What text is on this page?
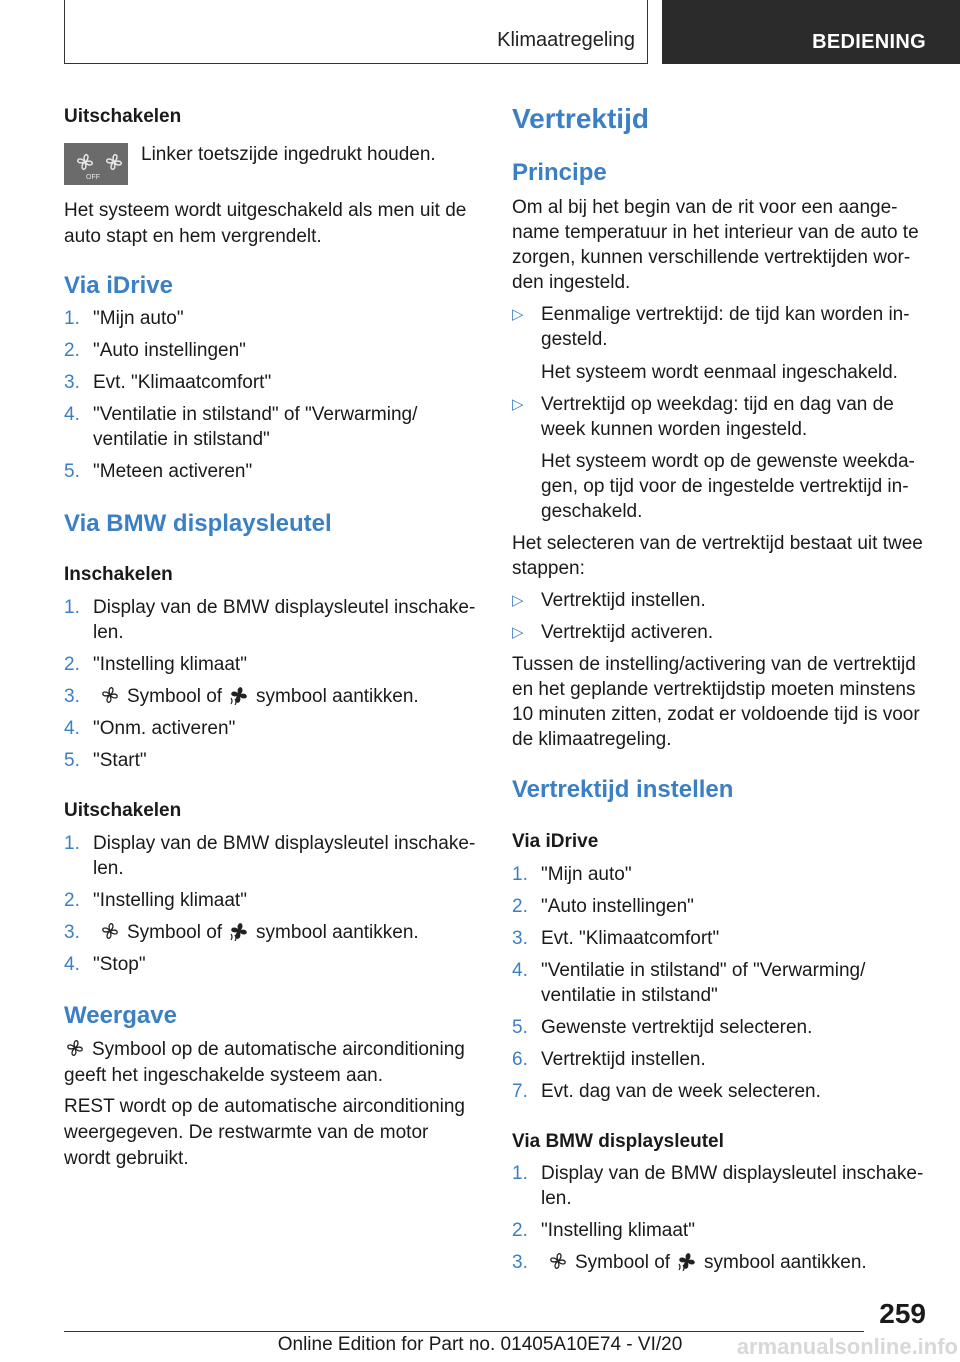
Klimaatregeling	BEDIENING
Uitschakelen
OFF
Linker toetszijde ingedrukt houden.
Het systeem wordt uitgeschakeld als men uit de
auto stapt en hem vergrendelt.
Via iDrive
1. "Mijn auto"
2. "Auto instellingen"
3. Evt. "Klimaatcomfort"
4. "Ventilatie in stilstand" of "Verwarming/
ventilatie in stilstand"
5. "Meteen activeren"
Via BMW displaysleutel
Inschakelen
1. Display van de BMW displaysleutel inschake-
len.
2. "Instelling klimaat"
3.	Symbool of symbool aantikken.
4. "Onm. activeren"
5. "Start"
Uitschakelen
1. Display van de BMW displaysleutel inschake-
len.
2. "Instelling klimaat"
3.	Symbool of symbool aantikken.
4. "Stop"
Weergave
Symbool op de automatische airconditioning
geeft het ingeschakelde systeem aan.
REST wordt op de automatische airconditioning
weergegeven. De restwarmte van de motor
wordt gebruikt.
Vertrektijd
Principe
Om al bij het begin van de rit voor een aange-
name temperatuur in het interieur van de auto te
zorgen, kunnen verschillende vertrektijden wor-
den ingesteld.
▷ Eenmalige vertrektijd: de tijd kan worden in-
gesteld.
Het systeem wordt eenmaal ingeschakeld.
▷ Vertrektijd op weekdag: tijd en dag van de
week kunnen worden ingesteld.
Het systeem wordt op de gewenste weekda-
gen, op tijd voor de ingestelde vertrektijd in-
geschakeld.
Het selecteren van de vertrektijd bestaat uit twee
stappen:
▷ Vertrektijd instellen.
▷ Vertrektijd activeren.
Tussen de instelling/activering van de vertrektijd
en het geplande vertrektijdstip moeten minstens
10 minuten zitten, zodat er voldoende tijd is voor
de klimaatregeling.
Vertrektijd instellen
Via iDrive
1. "Mijn auto"
2. "Auto instellingen"
3. Evt. "Klimaatcomfort"
4. "Ventilatie in stilstand" of "Verwarming/
ventilatie in stilstand"
5. Gewenste vertrektijd selecteren.
6. Vertrektijd instellen.
7. Evt. dag van de week selecteren.
Via BMW displaysleutel
1. Display van de BMW displaysleutel inschake-
len.
2. "Instelling klimaat"
3.	Symbool of symbool aantikken.
259
Online Edition for Part no. 01405A10E74 - VI/20	armanualsonline.info
